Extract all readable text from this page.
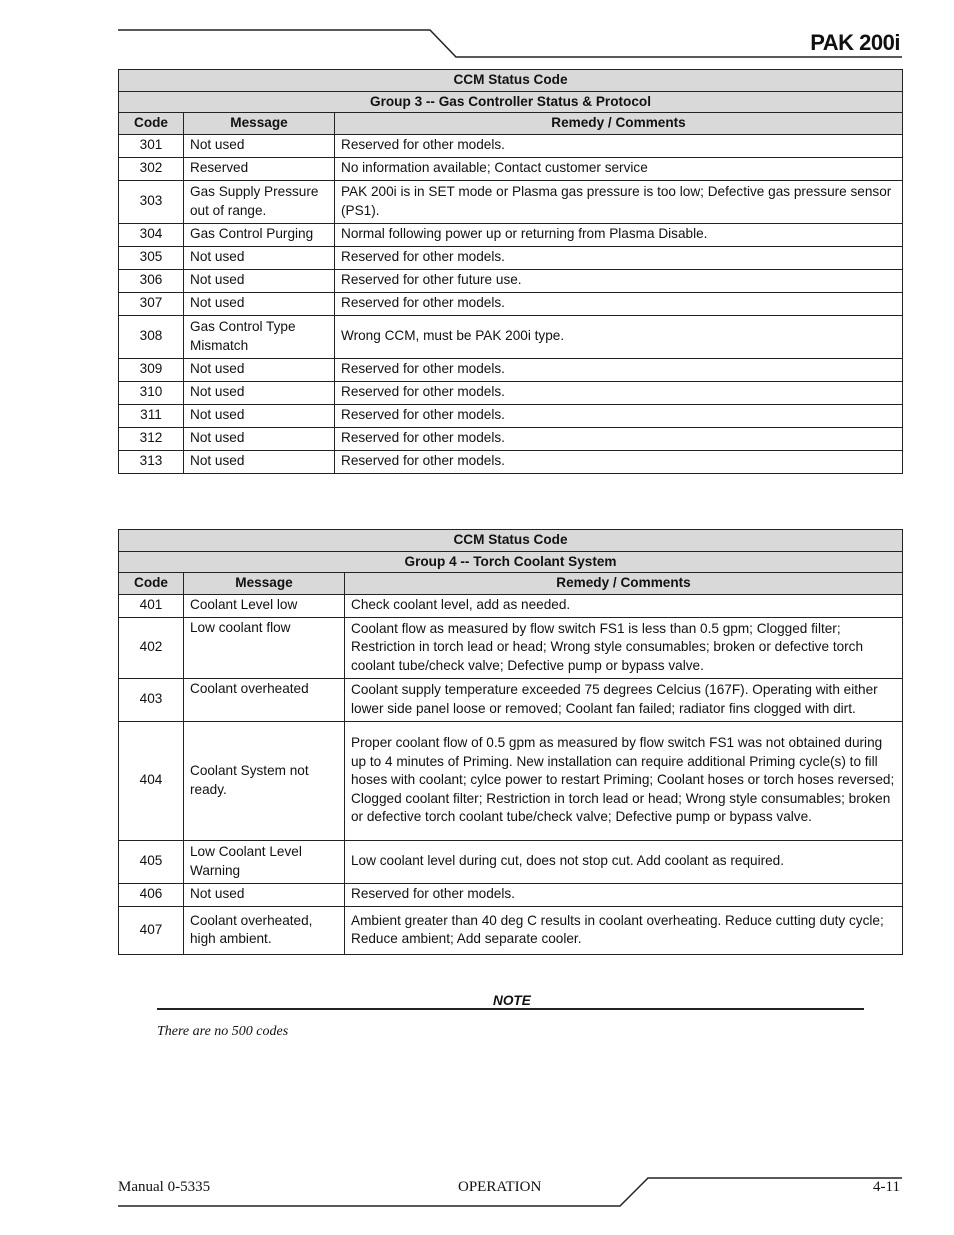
PAK 200i
CCM Status Code		
Group 3 -- Gas Controller Status & Protocol		
Code	Message	Remedy / Comments
301	Not used	Reserved for other models.
302	Reserved	No information available; Contact customer service
303	Gas Supply Pressure out of range.	PAK 200i is in SET mode or Plasma gas pressure is too low; Defective gas pressure sensor (PS1).
304	Gas Control Purging	Normal following power up or returning from Plasma Disable.
305	Not used	Reserved for other models.
306	Not used	Reserved for other future use.
307	Not used	Reserved for other models.
308	Gas Control Type Mismatch	Wrong CCM, must be PAK 200i type.
309	Not used	Reserved for other models.
310	Not used	Reserved for other models.
311	Not used	Reserved for other models.
312	Not used	Reserved for other models.
313	Not used	Reserved for other models.
CCM Status Code		
Group 4 -- Torch Coolant System		
Code	Message	Remedy / Comments
401	Coolant Level low	Check coolant level, add as needed.
402	Low coolant flow	Coolant flow as measured by flow switch FS1 is less than 0.5 gpm; Clogged filter; Restriction in torch lead or head; Wrong style consumables; broken or defective torch coolant tube/check valve; Defective pump or bypass valve.
403	Coolant overheated	Coolant supply temperature exceeded 75 degrees Celcius (167F). Operating with either lower side panel loose or removed; Coolant fan failed; radiator fins clogged with dirt.
404	Coolant System not ready.	Proper coolant flow of 0.5 gpm as measured by flow switch FS1 was not obtained during up to 4 minutes of Priming. New installation can require additional Priming cycle(s) to fill hoses with coolant; cylce power to restart Priming; Coolant hoses or torch hoses reversed; Clogged coolant filter; Restriction in torch lead or head; Wrong style consumables; broken or defective torch coolant tube/check valve; Defective pump or bypass valve.
405	Low Coolant Level Warning	Low coolant level during cut, does not stop cut. Add coolant as required.
406	Not used	Reserved for other models.
407	Coolant overheated, high ambient.	Ambient greater than 40 deg C results in coolant overheating. Reduce cutting duty cycle; Reduce ambient; Add separate cooler.
NOTE
There are no 500 codes
Manual 0-5335	OPERATION	4-11
